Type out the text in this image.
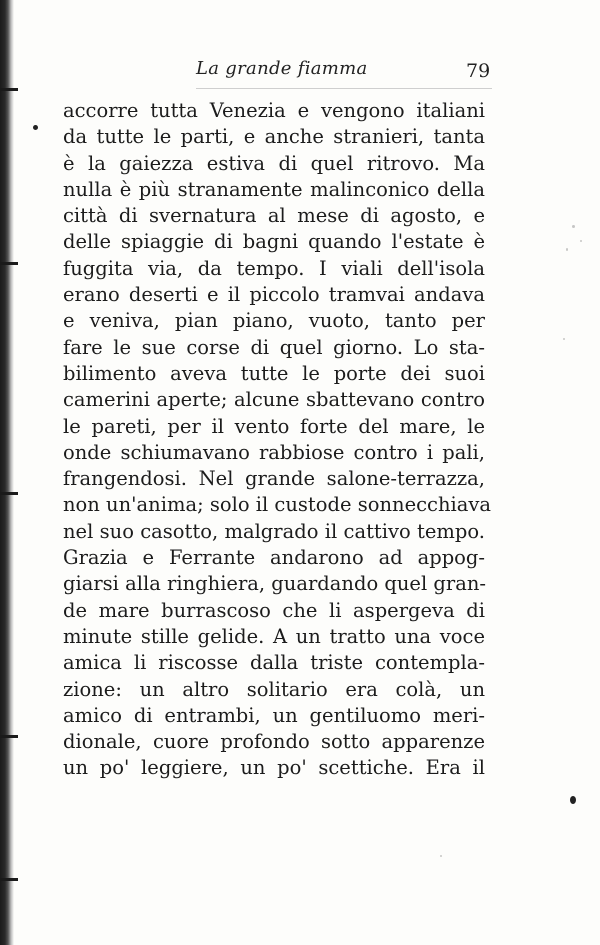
La grande fiamma	79
accorre tutta Venezia e vengono italiani
da tutte le parti, e anche stranieri, tanta
è la gaiezza estiva di quel ritrovo. Ma
nulla è più stranamente malinconico della
città di svernatura al mese di agosto, e
delle spiaggie di bagni quando l'estate è
fuggita via, da tempo. I viali dell'isola
erano deserti e il piccolo tramvai andava
e veniva, pian piano, vuoto, tanto per
fare le sue corse di quel giorno. Lo sta-
bilimento aveva tutte le porte dei suoi
camerini aperte; alcune sbattevano contro
le pareti, per il vento forte del mare, le
onde schiumavano rabbiose contro i pali,
frangendosi. Nel grande salone-terrazza,
non un'anima; solo il custode sonnecchiava
nel suo casotto, malgrado il cattivo tempo.
Grazia e Ferrante andarono ad appog-
giarsi alla ringhiera, guardando quel gran-
de mare burrascoso che li aspergeva di
minute stille gelide. A un tratto una voce
amica li riscosse dalla triste contempla-
zione: un altro solitario era colà, un
amico di entrambi, un gentiluomo meri-
dionale, cuore profondo sotto apparenze
un po' leggiere, un po' scettiche. Era il
